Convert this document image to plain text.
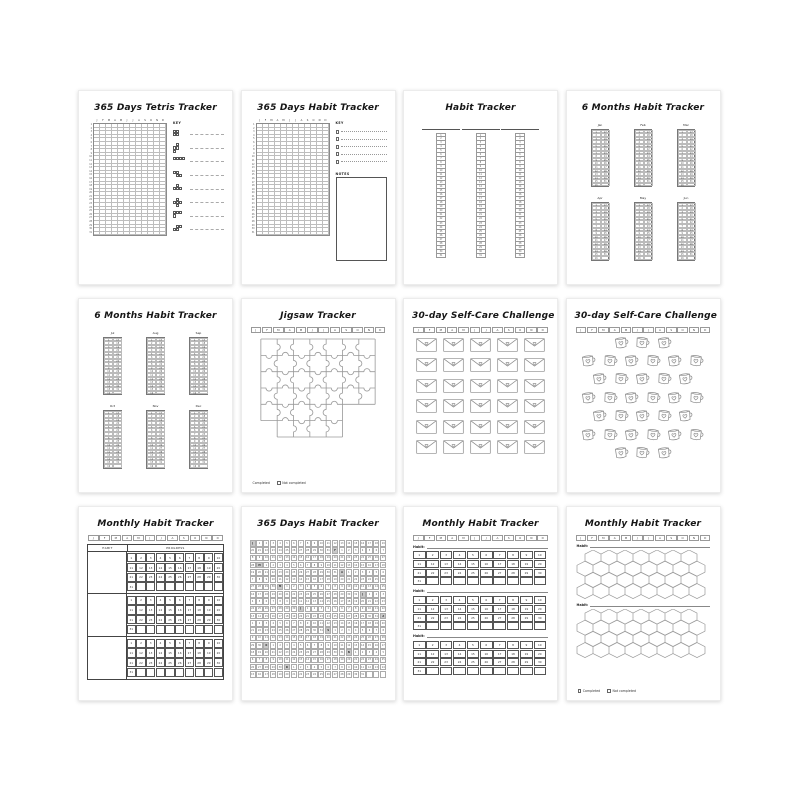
365 Days Tetris Tracker
J	F	M	A	M	J	J	A	S	O	N	D
1
2
3
4
5
6
7
8
9
10
11
12
13
14
15
16
17
18
19
20
21
22
23
24
25
26
27
28
29
30
31
KEY
365 Days Habit Tracker
J	F	M	A	M	J	J	A	S	O	N	D
1
2
3
4
5
6
7
8
9
10
11
12
13
14
15
16
17
18
19
20
21
22
23
24
25
26
27
28
29
30
31
KEY
NOTES
Habit Tracker
1
2
3
4
5
6
7
8
9
10
11
12
13
14
15
16
17
18
19
20
21
22
23
24
25
26
27
28
29
30
31
1
2
3
4
5
6
7
8
9
10
11
12
13
14
15
16
17
18
19
20
21
22
23
24
25
26
27
28
29
30
31
1
2
3
4
5
6
7
8
9
10
11
12
13
14
15
16
17
18
19
20
21
22
23
24
25
26
27
28
29
30
31
6 Months Habit Tracker
Jan
1	17
2	18
3	19
4	20
5	21
6	22
7	23
8	24
9	25
10	26
11	27
12	28
13	29
14	30
15	31
16
Feb
1	17
2	18
3	19
4	20
5	21
6	22
7	23
8	24
9	25
10	26
11	27
12	28
13	29
14	30
15	31
16
Mar
1	17
2	18
3	19
4	20
5	21
6	22
7	23
8	24
9	25
10	26
11	27
12	28
13	29
14	30
15	31
16
Apr
1	17
2	18
3	19
4	20
5	21
6	22
7	23
8	24
9	25
10	26
11	27
12	28
13	29
14	30
15	31
16
May
1	17
2	18
3	19
4	20
5	21
6	22
7	23
8	24
9	25
10	26
11	27
12	28
13	29
14	30
15	31
16
Jun
1	17
2	18
3	19
4	20
5	21
6	22
7	23
8	24
9	25
10	26
11	27
12	28
13	29
14	30
15	31
16
6 Months Habit Tracker
Jul
1	17
2	18
3	19
4	20
5	21
6	22
7	23
8	24
9	25
10	26
11	27
12	28
13	29
14	30
15	31
16
Aug
1	17
2	18
3	19
4	20
5	21
6	22
7	23
8	24
9	25
10	26
11	27
12	28
13	29
14	30
15	31
16
Sep
1	17
2	18
3	19
4	20
5	21
6	22
7	23
8	24
9	25
10	26
11	27
12	28
13	29
14	30
15	31
16
Oct
1	17
2	18
3	19
4	20
5	21
6	22
7	23
8	24
9	25
10	26
11	27
12	28
13	29
14	30
15	31
16
Nov
1	17
2	18
3	19
4	20
5	21
6	22
7	23
8	24
9	25
10	26
11	27
12	28
13	29
14	30
15	31
16
Dec
1	17
2	18
3	19
4	20
5	21
6	22
7	23
8	24
9	25
10	26
11	27
12	28
13	29
14	30
15	31
16
Jigsaw Tracker
J	F	M	A	M	J	J	A	S	O	N	D
Completed	Not completed
30-day Self-Care Challenge
J	F	M	A	M	J	J	A	S	O	N	D
30-day Self-Care Challenge
J	F	M	A	M	J	J	A	S	O	N	D
Monthly Habit Tracker
J	F	M	A	M	J	J	A	S	O	N	D
HABIT	PROGRESS
1	2	3	4	5	6	7	8	9	10
11	12	13	14	15	16	17	18	19	20
21	22	23	24	25	26	27	28	29	30
31
1	2	3	4	5	6	7	8	9	10
11	12	13	14	15	16	17	18	19	20
21	22	23	24	25	26	27	28	29	30
31
1	2	3	4	5	6	7	8	9	10
11	12	13	14	15	16	17	18	19	20
21	22	23	24	25	26	27	28	29	30
31
365 Days Habit Tracker
J	1	2	3	4	5	6	7	8	9	10	11	12	13	14	15	16	17	18	19
20	21	22	23	24	25	26	27	28	29	30	31	F	1	2	3	4	5	6	7
8	9	10	11	12	13	14	15	16	17	18	19	20	21	22	23	24	25	26	27
28	M	1	2	3	4	5	6	7	8	9	10	11	12	13	14	15	16	17	18
19	20	21	22	23	24	25	26	27	28	29	30	31	A	1	2	3	4	5	6
7	8	9	10	11	12	13	14	15	16	17	18	19	20	21	22	23	24	25	26
27	28	29	30	M	1	2	3	4	5	6	7	8	9	10	11	12	13	14	15
16	17	18	19	20	21	22	23	24	25	26	27	28	29	30	31	J	1	2	3
4	5	6	7	8	9	10	11	12	13	14	15	16	17	18	19	20	21	22	23
24	25	26	27	28	29	30	J	1	2	3	4	5	6	7	8	9	10	11	12
13	14	15	16	17	18	19	20	21	22	23	24	25	26	27	28	29	30	31	A
1	2	3	4	5	6	7	8	9	10	11	12	13	14	15	16	17	18	19	20
21	22	23	24	25	26	27	28	29	30	31	S	1	2	3	4	5	6	7	8
9	10	11	12	13	14	15	16	17	18	19	20	21	22	23	24	25	26	27	28
29	30	O	1	2	3	4	5	6	7	8	9	10	11	12	13	14	15	16	17
18	19	20	21	22	23	24	25	26	27	28	29	30	31	N	1	2	3	4	5
6	7	8	9	10	11	12	13	14	15	16	17	18	19	20	21	22	23	24	25
26	27	28	29	30	D	1	2	3	4	5	6	7	8	9	10	11	12	13	14
15	16	17	18	19	20	21	22	23	24	25	26	27	28	29	30	31
Monthly Habit Tracker
J	F	M	A	M	J	J	A	S	O	N	D
Habit:
1	2	3	4	5	6	7	8	9	10
11	12	13	14	15	16	17	18	19	20
21	22	23	24	25	26	27	28	29	30
31
Habit:
1	2	3	4	5	6	7	8	9	10
11	12	13	14	15	16	17	18	19	20
21	22	23	24	25	26	27	28	29	30
31
Habit:
1	2	3	4	5	6	7	8	9	10
11	12	13	14	15	16	17	18	19	20
21	22	23	24	25	26	27	28	29	30
31
Monthly Habit Tracker
J	F	M	A	M	J	J	A	S	O	N	D
Habit:
Habit:
Completed	Not completed
